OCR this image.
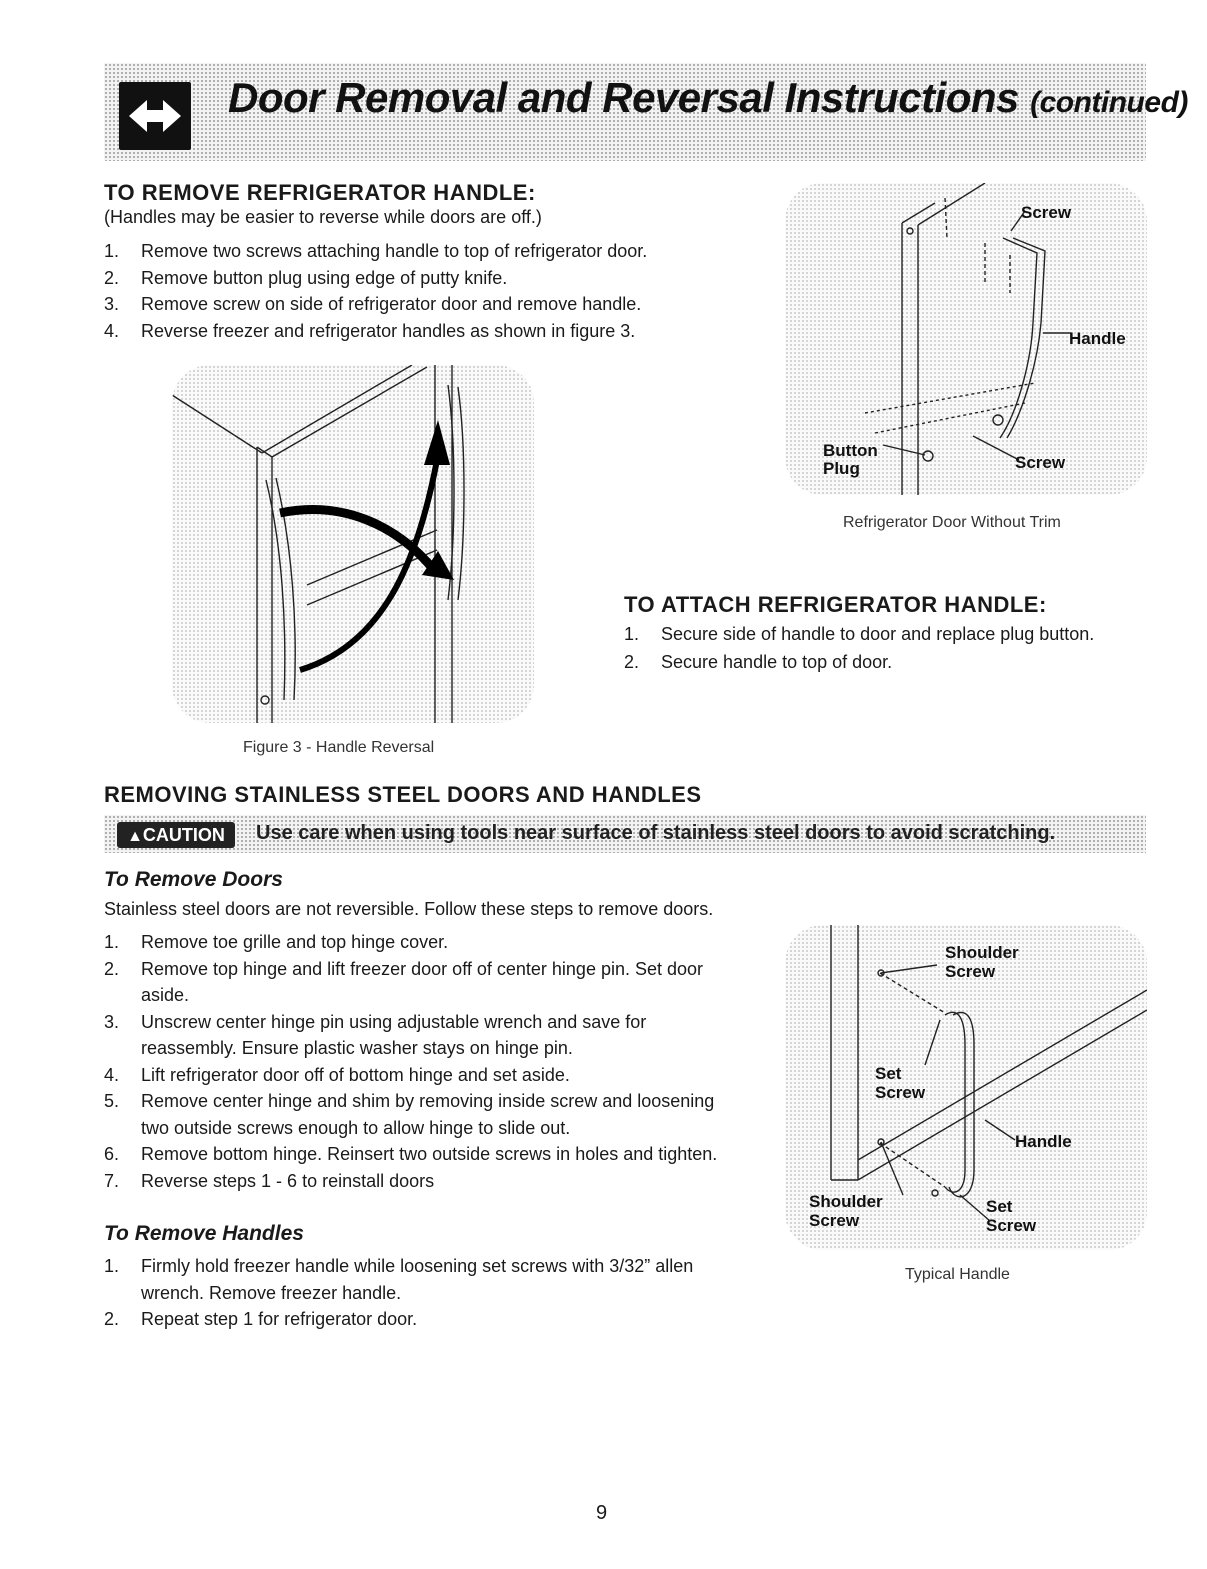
Door Removal and Reversal Instructions (continued)
TO REMOVE REFRIGERATOR HANDLE:

(Handles may be easier to reverse while doors are off.)

1. Remove two screws attaching handle to top of refrigerator door.
2. Remove button plug using edge of putty knife.
3. Remove screw on side of refrigerator door and remove handle.
4. Reverse freezer and refrigerator handles as shown in figure 3.
Screw
Handle
Button
Plug	Screw
Refrigerator Door Without Trim
Figure 3 - Handle Reversal
TO ATTACH REFRIGERATOR HANDLE:
1. Secure side of handle to door and replace plug button.
2. Secure handle to top of door.
REMOVING STAINLESS STEEL DOORS AND HANDLES
▲CAUTION	Use care when using tools near surface of stainless steel doors to avoid scratching.
To Remove Doors

Stainless steel doors are not reversible. Follow these steps to remove doors.

1. Remove toe grille and top hinge cover.
2. Remove top hinge and lift freezer door off of center hinge pin. Set door
aside.
3. Unscrew center hinge pin using adjustable wrench and save for
reassembly. Ensure plastic washer stays on hinge pin.
4. Lift refrigerator door off of bottom hinge and set aside.
5. Remove center hinge and shim by removing inside screw and loosening
two outside screws enough to allow hinge to slide out.
6. Remove bottom hinge. Reinsert two outside screws in holes and tighten.
7. Reverse steps 1 - 6 to reinstall doors
To Remove Handles
1. Firmly hold freezer handle while loosening set screws with 3/32” allen
wrench. Remove freezer handle.
2. Repeat step 1 for refrigerator door.
Shoulder
Screw
Set
Screw
Handle
Shoulder
Screw
Set
Screw
Typical Handle
9
